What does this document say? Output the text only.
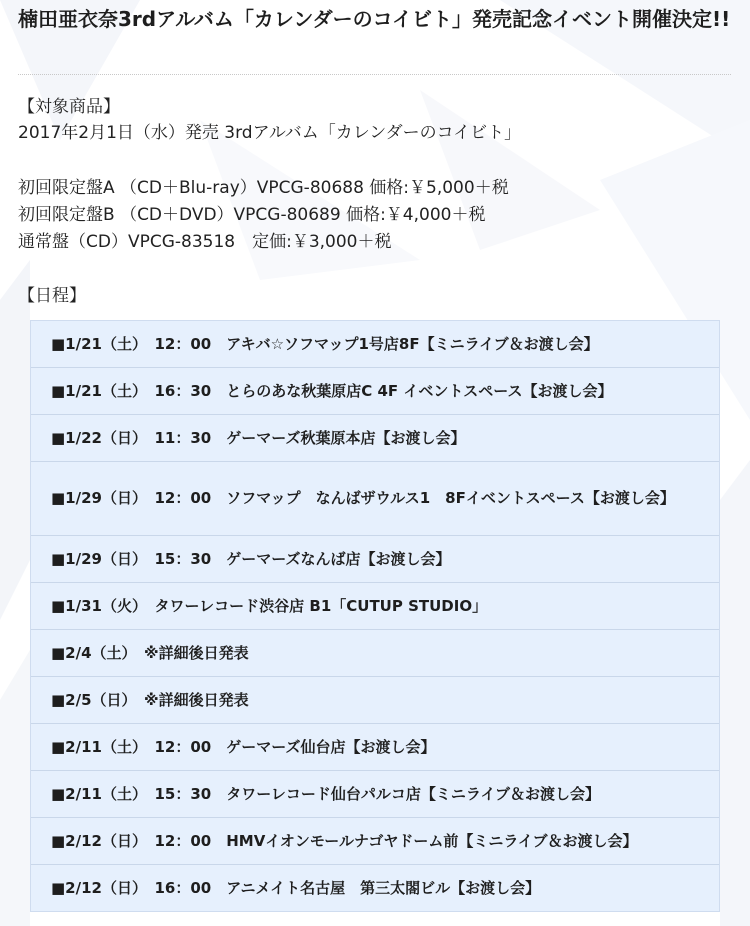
楠田亜衣奈3rdアルバム「カレンダーのコイビト」発売記念イベント開催決定!!
【対象商品】
2017年2月1日（水）発売 3rdアルバム「カレンダーのコイビト」
初回限定盤A （CD＋Blu-ray）VPCG-80688 価格:￥5,000＋税
初回限定盤B （CD＋DVD）VPCG-80689 価格:￥4,000＋税
通常盤（CD）VPCG-83518　定価:￥3,000＋税
【日程】
■1/21（土）　12：00　アキバ☆ソフマップ1号店8F【ミニライブ＆お渡し会】
■1/21（土）　16：30　とらのあな秋葉原店C 4F イベントスペース【お渡し会】
■1/22（日）　11：30　ゲーマーズ秋葉原本店【お渡し会】
■1/29（日）　12：00　ソフマップ　なんばザウルス1　8Fイベントスペース【お渡し会】
■1/29（日）　15：30　ゲーマーズなんば店【お渡し会】
■1/31（火）　タワーレコード渋谷店 B1「CUTUP STUDIO」
■2/4（土）　※詳細後日発表
■2/5（日）　※詳細後日発表
■2/11（土）　12：00　ゲーマーズ仙台店【お渡し会】
■2/11（土）　15：30　タワーレコード仙台パルコ店【ミニライブ＆お渡し会】
■2/12（日）　12：00　HMVイオンモールナゴヤドーム前【ミニライブ＆お渡し会】
■2/12（日）　16：00　アニメイト名古屋　第三太閤ビル【お渡し会】
